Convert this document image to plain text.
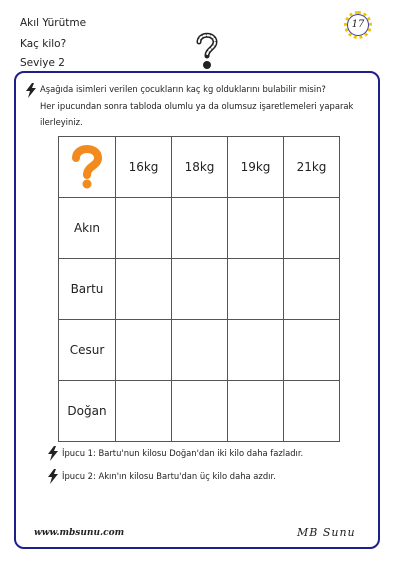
Akıl Yürütme
Kaç kilo?
Seviye 2
17
Aşağıda isimleri verilen çocukların kaç kg olduklarını bulabilir misin?
Her ipucundan sonra tabloda olumlu ya da olumsuz işaretlemeleri yaparak
ilerleyiniz.
	16kg	18kg	19kg	21kg
Akın				
Bartu				
Cesur				
Doğan				
İpucu 1: Bartu'nun kilosu Doğan'dan iki kilo daha fazladır.
İpucu 2: Akın'ın kilosu Bartu'dan üç kilo daha azdır.
www.mbsunu.com	MB Sunu
